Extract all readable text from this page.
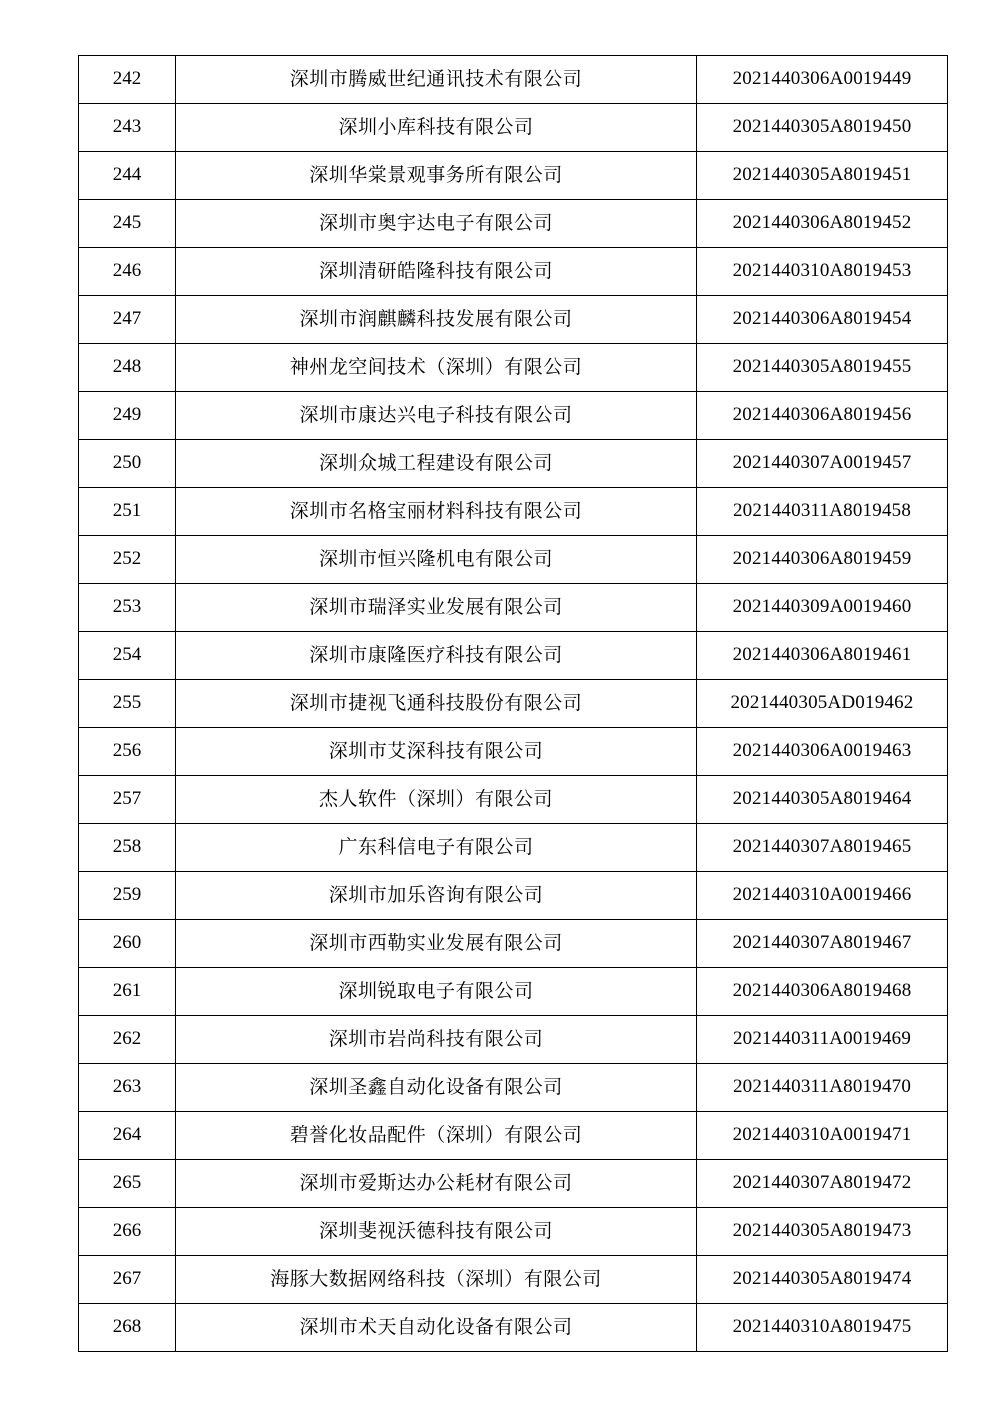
242	深圳市腾威世纪通讯技术有限公司	2021440306A0019449
243	深圳小库科技有限公司	2021440305A8019450
244	深圳华棠景观事务所有限公司	2021440305A8019451
245	深圳市奥宇达电子有限公司	2021440306A8019452
246	深圳清研皓隆科技有限公司	2021440310A8019453
247	深圳市润麒麟科技发展有限公司	2021440306A8019454
248	神州龙空间技术（深圳）有限公司	2021440305A8019455
249	深圳市康达兴电子科技有限公司	2021440306A8019456
250	深圳众城工程建设有限公司	2021440307A0019457
251	深圳市名格宝丽材料科技有限公司	2021440311A8019458
252	深圳市恒兴隆机电有限公司	2021440306A8019459
253	深圳市瑞泽实业发展有限公司	2021440309A0019460
254	深圳市康隆医疗科技有限公司	2021440306A8019461
255	深圳市捷视飞通科技股份有限公司	2021440305AD019462
256	深圳市艾深科技有限公司	2021440306A0019463
257	杰人软件（深圳）有限公司	2021440305A8019464
258	广东科信电子有限公司	2021440307A8019465
259	深圳市加乐咨询有限公司	2021440310A0019466
260	深圳市西勒实业发展有限公司	2021440307A8019467
261	深圳锐取电子有限公司	2021440306A8019468
262	深圳市岩尚科技有限公司	2021440311A0019469
263	深圳圣鑫自动化设备有限公司	2021440311A8019470
264	碧誉化妆品配件（深圳）有限公司	2021440310A0019471
265	深圳市爱斯达办公耗材有限公司	2021440307A8019472
266	深圳斐视沃德科技有限公司	2021440305A8019473
267	海豚大数据网络科技（深圳）有限公司	2021440305A8019474
268	深圳市术天自动化设备有限公司	2021440310A8019475
